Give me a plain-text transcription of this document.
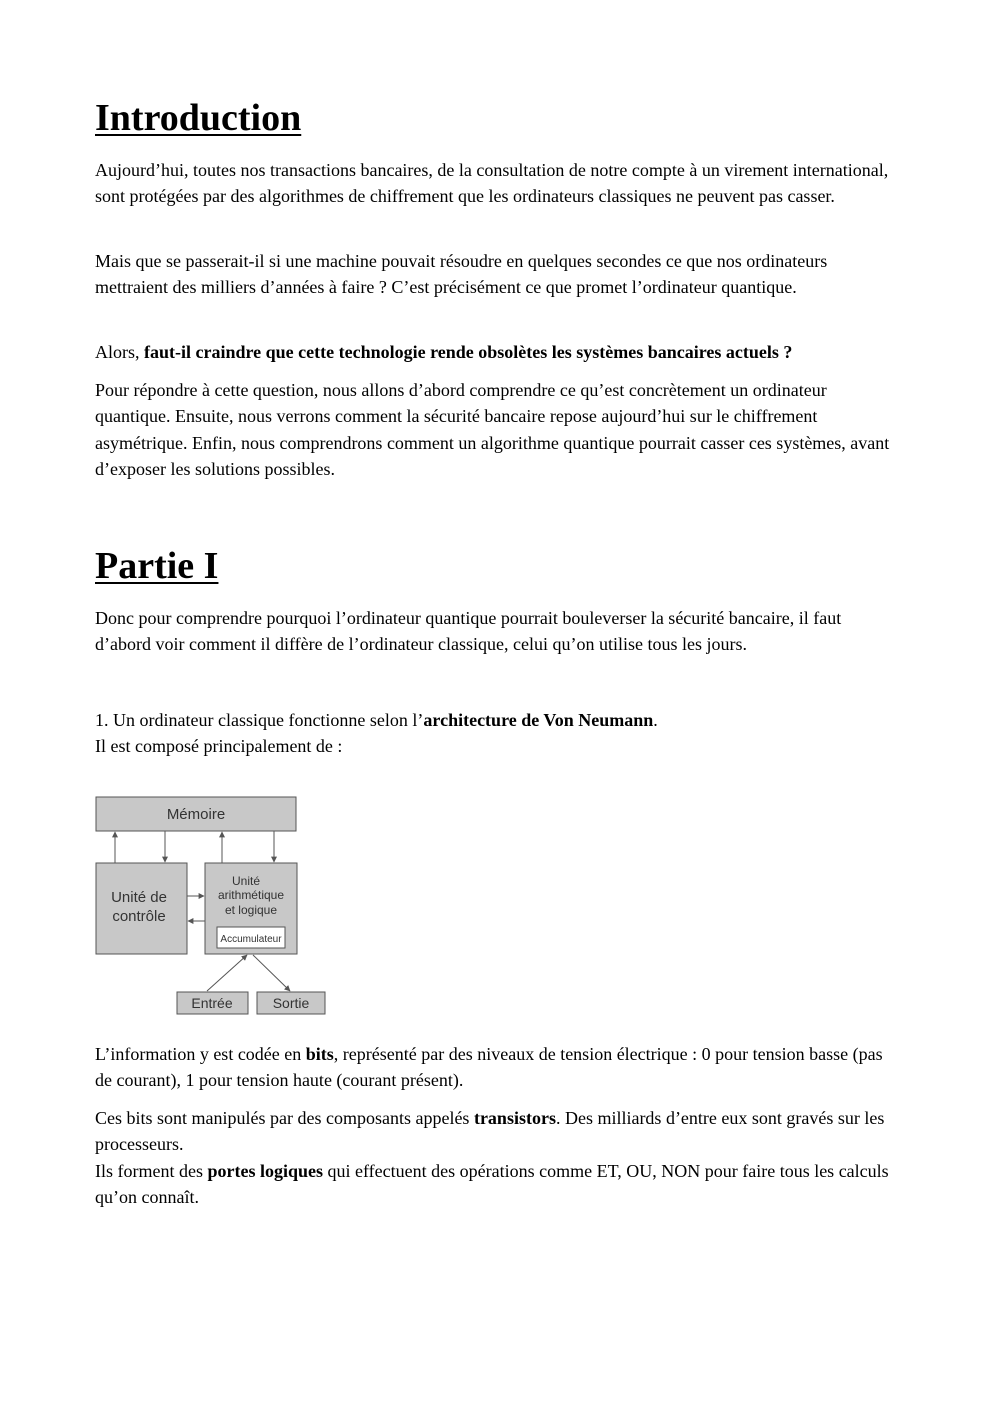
Introduction

Aujourd’hui, toutes nos transactions bancaires, de la consultation de notre compte à un virement international, sont protégées par des algorithmes de chiffrement que les ordinateurs classiques ne peuvent pas casser.

Mais que se passerait-il si une machine pouvait résoudre en quelques secondes ce que nos ordinateurs mettraient des milliers d’années à faire ? C’est précisément ce que promet l’ordinateur quantique.

Alors, faut-il craindre que cette technologie rende obsolètes les systèmes bancaires actuels ?

Pour répondre à cette question, nous allons d’abord comprendre ce qu’est concrètement un ordinateur quantique. Ensuite, nous verrons comment la sécurité bancaire repose aujourd’hui sur le chiffrement asymétrique. Enfin, nous comprendrons comment un algorithme quantique pourrait casser ces systèmes, avant d’exposer les solutions possibles.

Partie I

Donc pour comprendre pourquoi l’ordinateur quantique pourrait bouleverser la sécurité bancaire, il faut d’abord voir comment il diffère de l’ordinateur classique, celui qu’on utilise tous les jours.

1. Un ordinateur classique fonctionne selon l’architecture de Von Neumann.
Il est composé principalement de :

Mémoire
Unité de
contrôle
Unité
arithmétique
et logique
Accumulateur
Entrée	Sortie

L’information y est codée en bits, représenté par des niveaux de tension électrique : 0 pour tension basse (pas de courant), 1 pour tension haute (courant présent).

Ces bits sont manipulés par des composants appelés transistors. Des milliards d’entre eux sont gravés sur les processeurs.

Ils forment des portes logiques qui effectuent des opérations comme ET, OU, NON pour faire tous les calculs qu’on connaît.
